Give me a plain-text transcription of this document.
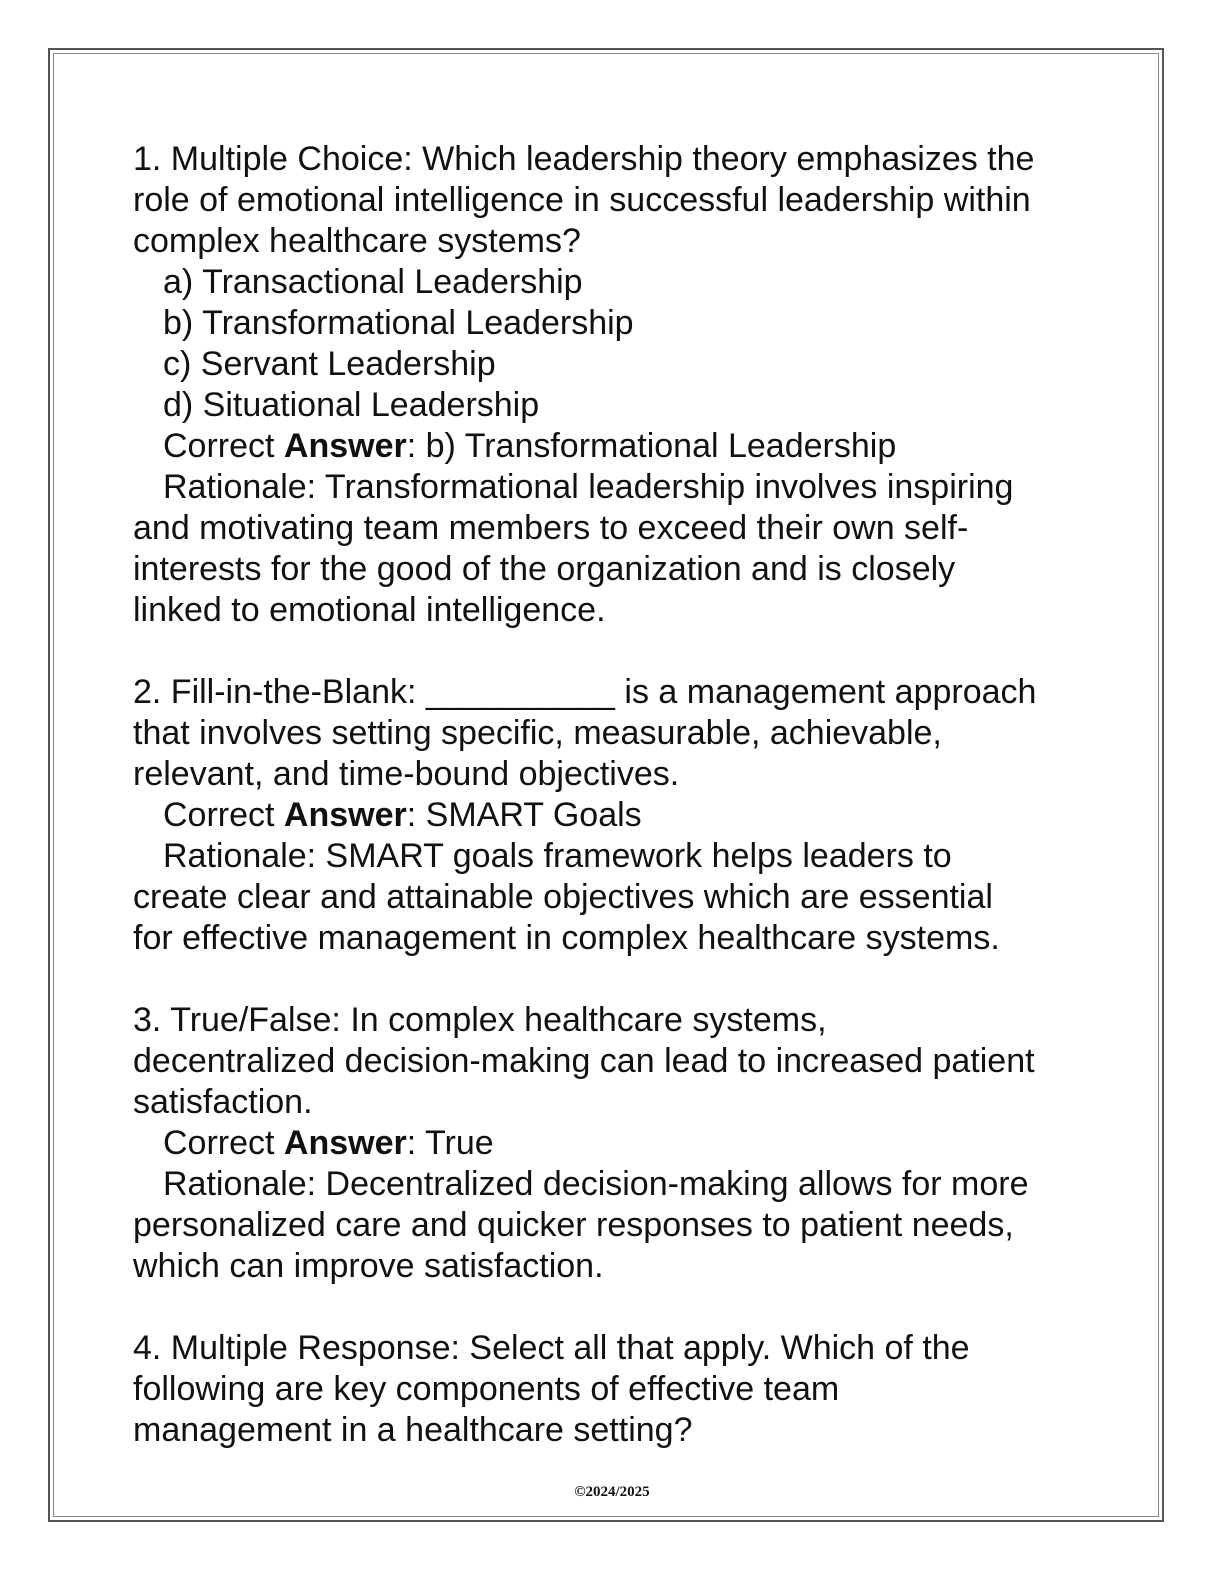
1. Multiple Choice: Which leadership theory emphasizes the
role of emotional intelligence in successful leadership within
complex healthcare systems?
a) Transactional Leadership
b) Transformational Leadership
c) Servant Leadership
d) Situational Leadership
Correct Answer: b) Transformational Leadership
Rationale: Transformational leadership involves inspiring
and motivating team members to exceed their own self-
interests for the good of the organization and is closely
linked to emotional intelligence.
2. Fill-in-the-Blank: __________ is a management approach
that involves setting specific, measurable, achievable,
relevant, and time-bound objectives.
Correct Answer: SMART Goals
Rationale: SMART goals framework helps leaders to
create clear and attainable objectives which are essential
for effective management in complex healthcare systems.
3. True/False: In complex healthcare systems,
decentralized decision-making can lead to increased patient
satisfaction.
Correct Answer: True
Rationale: Decentralized decision-making allows for more
personalized care and quicker responses to patient needs,
which can improve satisfaction.
4. Multiple Response: Select all that apply. Which of the
following are key components of effective team
management in a healthcare setting?
©2024/2025
